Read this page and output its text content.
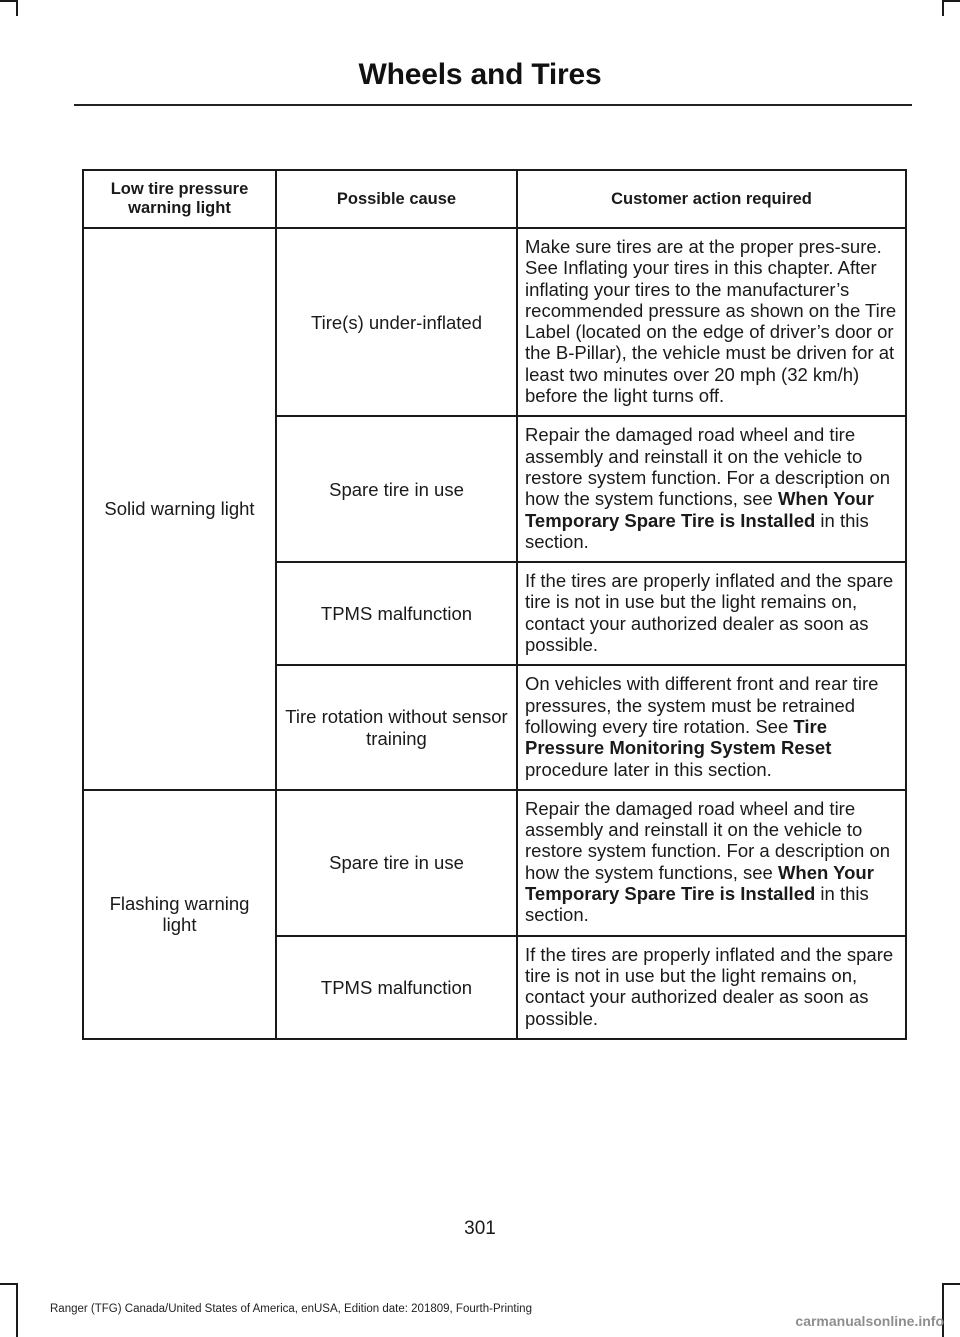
Wheels and Tires
Low tire pressure warning light	Possible cause	Customer action required
Solid warning light	Tire(s) under-inflated	Make sure tires are at the proper pres-sure. See Inflating your tires in this chapter. After inflating your tires to the manufacturer’s recommended pressure as shown on the Tire Label (located on the edge of driver’s door or the B-Pillar), the vehicle must be driven for at least two minutes over 20 mph (32 km/h) before the light turns off.
	Spare tire in use	Repair the damaged road wheel and tire assembly and reinstall it on the vehicle to restore system function. For a description on how the system functions, see When Your Temporary Spare Tire is Installed in this section.
	TPMS malfunction	If the tires are properly inflated and the spare tire is not in use but the light remains on, contact your authorized dealer as soon as possible.
	Tire rotation without sensor training	On vehicles with different front and rear tire pressures, the system must be retrained following every tire rotation. See Tire Pressure Monitoring System Reset procedure later in this section.
Flashing warning light	Spare tire in use	Repair the damaged road wheel and tire assembly and reinstall it on the vehicle to restore system function. For a description on how the system functions, see When Your Temporary Spare Tire is Installed in this section.
	TPMS malfunction	If the tires are properly inflated and the spare tire is not in use but the light remains on, contact your authorized dealer as soon as possible.
301
Ranger (TFG) Canada/United States of America, enUSA, Edition date: 201809, Fourth-Printing
carmanualsonline.info
